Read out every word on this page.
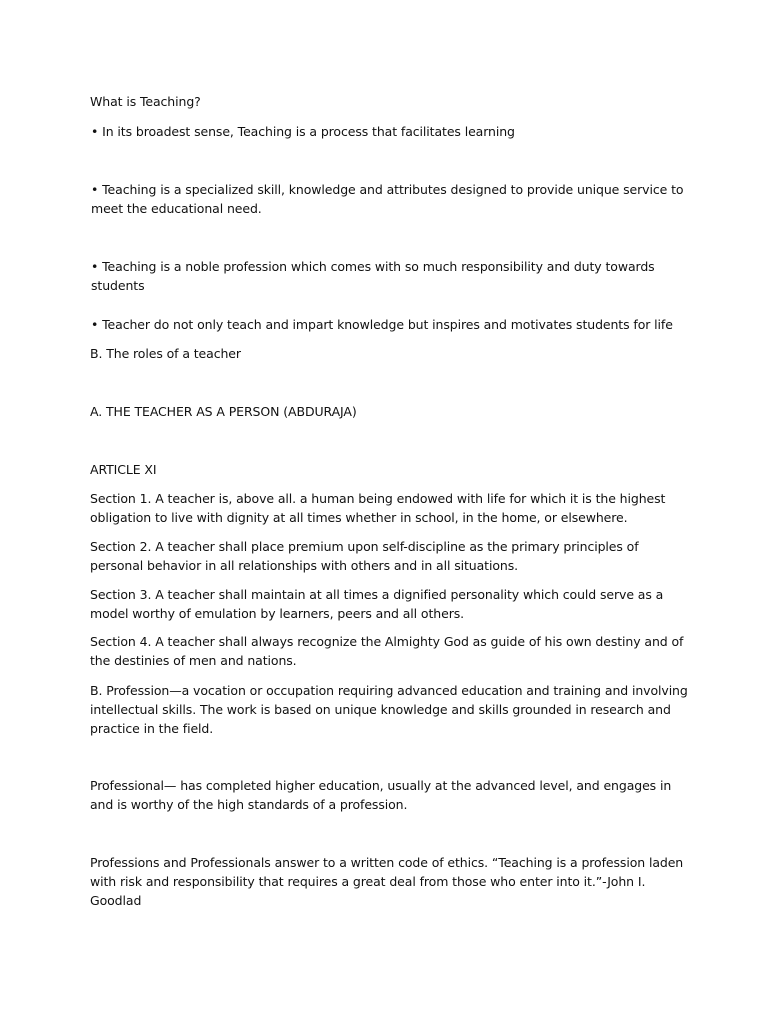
What is Teaching?
• In its broadest sense, Teaching is a process that facilitates learning
• Teaching is a specialized skill, knowledge and attributes designed to provide unique service to meet the educational need.
• Teaching is a noble profession which comes with so much responsibility and duty towards students
• Teacher do not only teach and impart knowledge but inspires and motivates students for life
B. The roles of a teacher
A. THE TEACHER AS A PERSON (ABDURAJA)
ARTICLE XI
Section 1. A teacher is, above all. a human being endowed with life for which it is the highest obligation to live with dignity at all times whether in school, in the home, or elsewhere.
Section 2. A teacher shall place premium upon self-discipline as the primary principles of personal behavior in all relationships with others and in all situations.
Section 3. A teacher shall maintain at all times a dignified personality which could serve as a model worthy of emulation by learners, peers and all others.
Section 4. A teacher shall always recognize the Almighty God as guide of his own destiny and of the destinies of men and nations.
B. Profession—a vocation or occupation requiring advanced education and training and involving intellectual skills. The work is based on unique knowledge and skills grounded in research and practice in the field.
Professional— has completed higher education, usually at the advanced level, and engages in and is worthy of the high standards of a profession.
Professions and Professionals answer to a written code of ethics. “Teaching is a profession laden with risk and responsibility that requires a great deal from those who enter into it.”-John I. Goodlad
